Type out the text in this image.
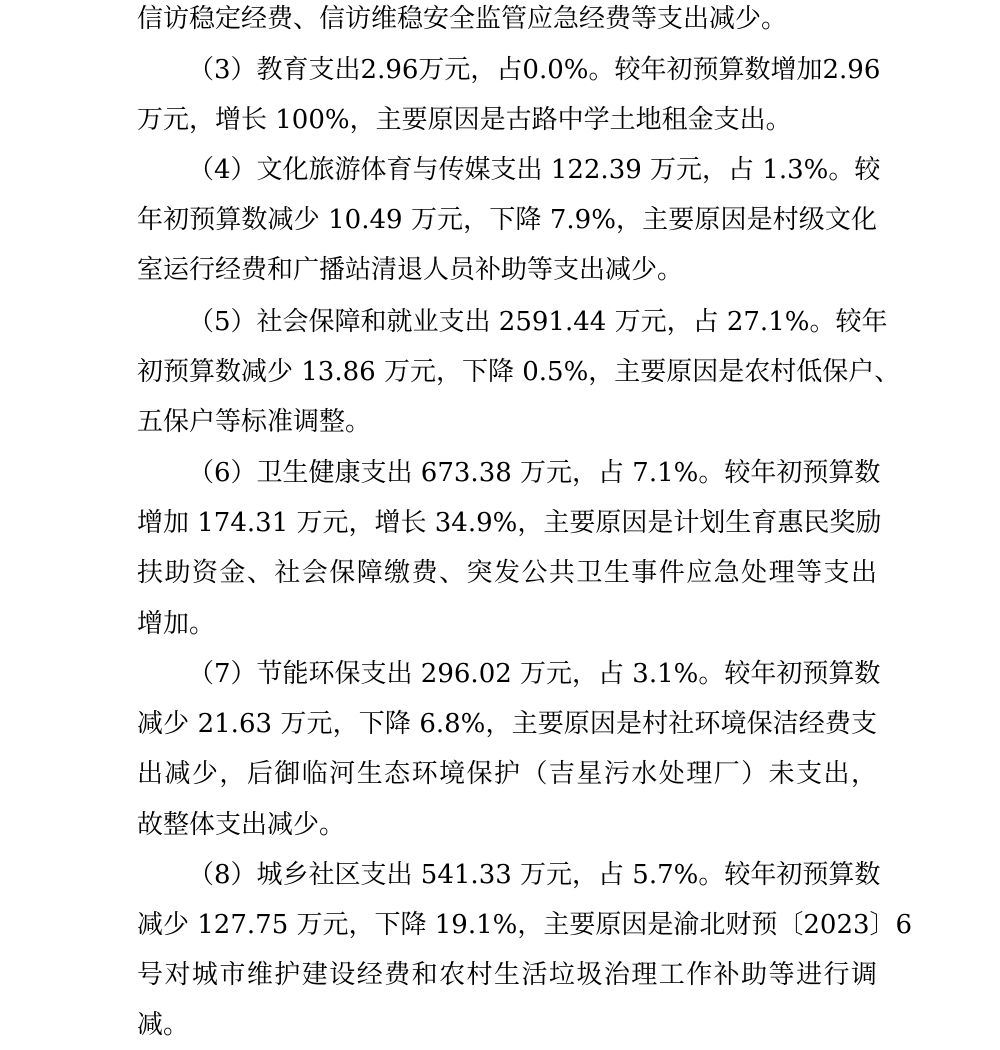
信访稳定经费、信访维稳安全监管应急经费等支出减少。
（3）教育支出2.96万元，占0.0%。较年初预算数增加2.96
万元，增长 100%，主要原因是古路中学土地租金支出。
（4）文化旅游体育与传媒支出 122.39 万元，占 1.3%。较
年初预算数减少 10.49 万元，下降 7.9%，主要原因是村级文化
室运行经费和广播站清退人员补助等支出减少。
（5）社会保障和就业支出 2591.44 万元，占 27.1%。较年
初预算数减少 13.86 万元，下降 0.5%，主要原因是农村低保户、
五保户等标准调整。
（6）卫生健康支出 673.38 万元，占 7.1%。较年初预算数
增加 174.31 万元，增长 34.9%，主要原因是计划生育惠民奖励
扶助资金、社会保障缴费、突发公共卫生事件应急处理等支出
增加。
（7）节能环保支出 296.02 万元，占 3.1%。较年初预算数
减少 21.63 万元，下降 6.8%，主要原因是村社环境保洁经费支
出减少，后御临河生态环境保护（吉星污水处理厂）未支出，
故整体支出减少。
（8）城乡社区支出 541.33 万元，占 5.7%。较年初预算数
减少 127.75 万元，下降 19.1%，主要原因是渝北财预〔2023〕6
号对城市维护建设经费和农村生活垃圾治理工作补助等进行调
减。
